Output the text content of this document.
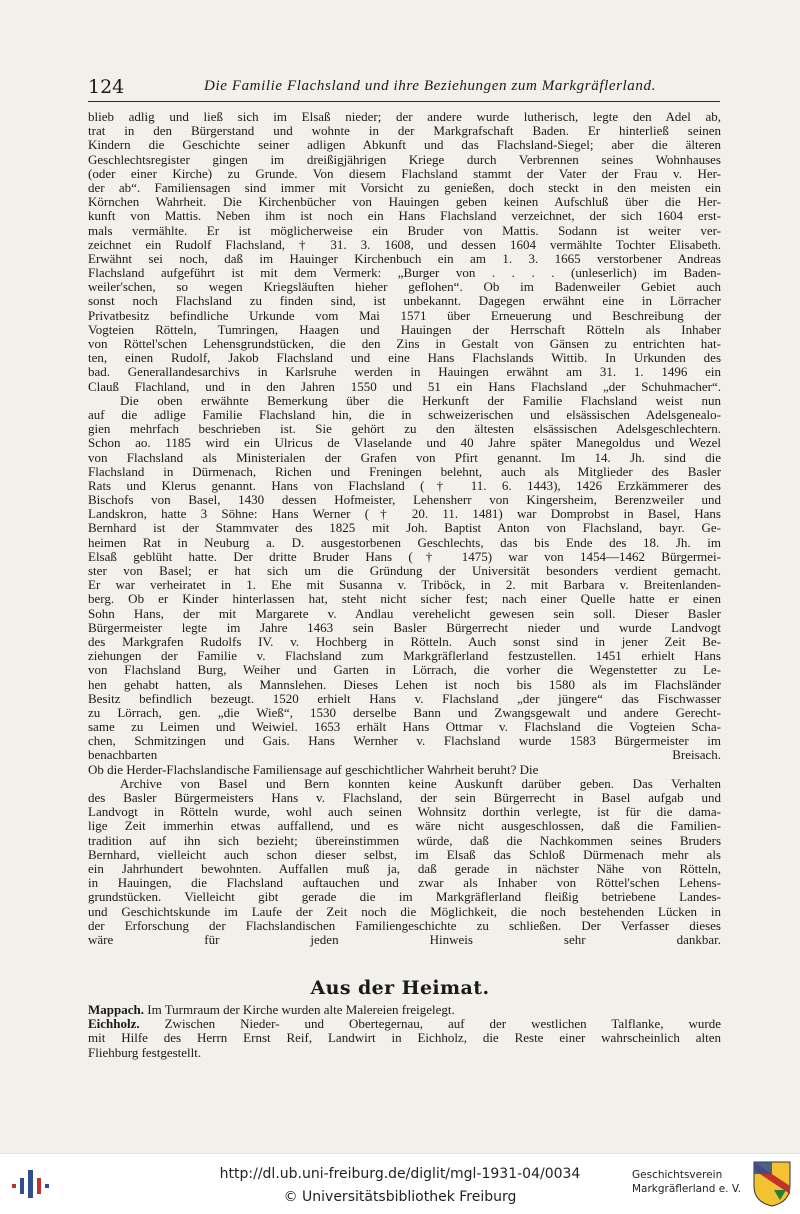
124	Die Familie Flachsland und ihre Beziehungen zum Markgräflerland.
blieb adlig und ließ sich im Elsaß nieder; der andere wurde lutherisch, legte den Adel ab,
trat in den Bürgerstand und wohnte in der Markgrafschaft Baden. Er hinterließ seinen
Kindern die Geschichte seiner adligen Abkunft und das Flachsland-Siegel; aber die älteren
Geschlechtsregister gingen im dreißigjährigen Kriege durch Verbrennen seines Wohnhauses
(oder einer Kirche) zu Grunde. Von diesem Flachsland stammt der Vater der Frau v. Her-
der ab“. Familiensagen sind immer mit Vorsicht zu genießen, doch steckt in den meisten ein
Körnchen Wahrheit. Die Kirchenbücher von Hauingen geben keinen Aufschluß über die Her-
kunft von Mattis. Neben ihm ist noch ein Hans Flachsland verzeichnet, der sich 1604 erst-
mals vermählte. Er ist möglicherweise ein Bruder von Mattis. Sodann ist weiter ver-
zeichnet ein Rudolf Flachsland, † 31. 3. 1608, und dessen 1604 vermählte Tochter Elisabeth.
Erwähnt sei noch, daß im Hauinger Kirchenbuch ein am 1. 3. 1665 verstorbener Andreas
Flachsland aufgeführt ist mit dem Vermerk: „Burger von . . . . (unleserlich) im Baden-
weiler'schen, so wegen Kriegsläuften hieher geflohen“. Ob im Badenweiler Gebiet auch
sonst noch Flachsland zu finden sind, ist unbekannt. Dagegen erwähnt eine in Lörracher
Privatbesitz befindliche Urkunde vom Mai 1571 über Erneuerung und Beschreibung der
Vogteien Rötteln, Tumringen, Haagen und Hauingen der Herrschaft Rötteln als Inhaber
von Röttel'schen Lehensgrundstücken, die den Zins in Gestalt von Gänsen zu entrichten hat-
ten, einen Rudolf, Jakob Flachsland und eine Hans Flachslands Wittib. In Urkunden des
bad. Generallandesarchivs in Karlsruhe werden in Hauingen erwähnt am 31. 1. 1496 ein
Clauß Flachland, und in den Jahren 1550 und 51 ein Hans Flachsland „der Schuhmacher“.
Die oben erwähnte Bemerkung über die Herkunft der Familie Flachsland weist nun
auf die adlige Familie Flachsland hin, die in schweizerischen und elsässischen Adelsgenealo-
gien mehrfach beschrieben ist. Sie gehört zu den ältesten elsässischen Adelsgeschlechtern.
Schon ao. 1185 wird ein Ulricus de Vlaselande und 40 Jahre später Manegoldus und Wezel
von Flachsland als Ministerialen der Grafen von Pfirt genannt. Im 14. Jh. sind die
Flachsland in Dürmenach, Richen und Freningen belehnt, auch als Mitglieder des Basler
Rats und Klerus genannt. Hans von Flachsland († 11. 6. 1443), 1426 Erzkämmerer des
Bischofs von Basel, 1430 dessen Hofmeister, Lehensherr von Kingersheim, Berenzweiler und
Landskron, hatte 3 Söhne: Hans Werner († 20. 11. 1481) war Domprobst in Basel, Hans
Bernhard ist der Stammvater des 1825 mit Joh. Baptist Anton von Flachsland, bayr. Ge-
heimen Rat in Neuburg a. D. ausgestorbenen Geschlechts, das bis Ende des 18. Jh. im
Elsaß geblüht hatte. Der dritte Bruder Hans († 1475) war von 1454—1462 Bürgermei-
ster von Basel; er hat sich um die Gründung der Universität besonders verdient gemacht.
Er war verheiratet in 1. Ehe mit Susanna v. Triböck, in 2. mit Barbara v. Breitenlanden-
berg. Ob er Kinder hinterlassen hat, steht nicht sicher fest; nach einer Quelle hatte er einen
Sohn Hans, der mit Margarete v. Andlau verehelicht gewesen sein soll. Dieser Basler
Bürgermeister legte im Jahre 1463 sein Basler Bürgerrecht nieder und wurde Landvogt
des Markgrafen Rudolfs IV. v. Hochberg in Rötteln. Auch sonst sind in jener Zeit Be-
ziehungen der Familie v. Flachsland zum Markgräflerland festzustellen. 1451 erhielt Hans
von Flachsland Burg, Weiher und Garten in Lörrach, die vorher die Wegenstetter zu Le-
hen gehabt hatten, als Mannslehen. Dieses Lehen ist noch bis 1580 als im Flachsländer
Besitz befindlich bezeugt. 1520 erhielt Hans v. Flachsland „der jüngere“ das Fischwasser
zu Lörrach, gen. „die Wieß“, 1530 derselbe Bann und Zwangsgewalt und andere Gerecht-
same zu Leimen und Weiwiel. 1653 erhält Hans Ottmar v. Flachsland die Vogteien Scha-
chen, Schmitzingen und Gais. Hans Wernher v. Flachsland wurde 1583 Bürgermeister im
benachbarten Breisach.
Ob die Herder-Flachslandische Familiensage auf geschichtlicher Wahrheit beruht? Die
Archive von Basel und Bern konnten keine Auskunft darüber geben. Das Verhalten
des Basler Bürgermeisters Hans v. Flachsland, der sein Bürgerrecht in Basel aufgab und
Landvogt in Rötteln wurde, wohl auch seinen Wohnsitz dorthin verlegte, ist für die dama-
lige Zeit immerhin etwas auffallend, und es wäre nicht ausgeschlossen, daß die Familien-
tradition auf ihn sich bezieht; übereinstimmen würde, daß die Nachkommen seines Bruders
Bernhard, vielleicht auch schon dieser selbst, im Elsaß das Schloß Dürmenach mehr als
ein Jahrhundert bewohnten. Auffallen muß ja, daß gerade in nächster Nähe von Rötteln,
in Hauingen, die Flachsland auftauchen und zwar als Inhaber von Röttel'schen Lehens-
grundstücken. Vielleicht gibt gerade die im Markgräflerland fleißig betriebene Landes-
und Geschichtskunde im Laufe der Zeit noch die Möglichkeit, die noch bestehenden Lücken in
der Erforschung der Flachslandischen Familiengeschichte zu schließen. Der Verfasser dieses
wäre für jeden Hinweis sehr dankbar.
Aus der Heimat.
Mappach. Im Turmraum der Kirche wurden alte Malereien freigelegt.
Eichholz. Zwischen Nieder- und Obertegernau, auf der westlichen Talflanke, wurde
mit Hilfe des Herrn Ernst Reif, Landwirt in Eichholz, die Reste einer wahrscheinlich alten
Fliehburg festgestellt.
http://dl.ub.uni-freiburg.de/diglit/mgl-1931-04/0034
© Universitätsbibliothek Freiburg
Geschichtsverein
Markgräflerland e. V.
